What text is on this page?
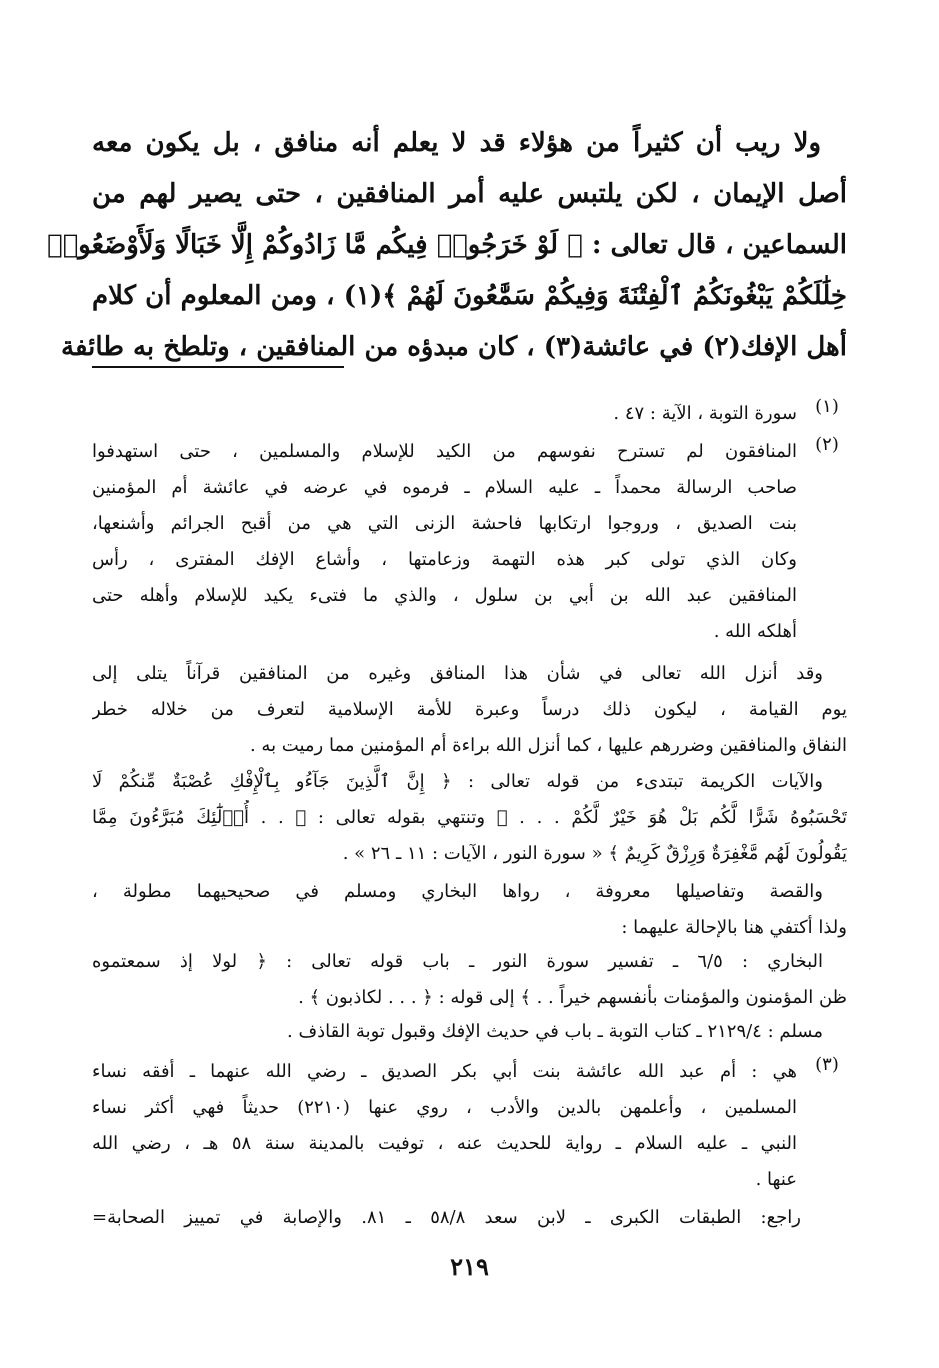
ولا ريب أن كثيراً من هؤلاء قد لا يعلم أنه منافق ، بل يكون معه
أصل الإيمان ، لكن يلتبس عليه أمر المنافقين ، حتى يصير لهم من
السماعين ، قال تعالى : ﴿ لَوْ خَرَجُوا۟ فِيكُم مَّا زَادُوكُمْ إِلَّا خَبَالًا وَلَأَوْضَعُوا۟
خِلَٰلَكُمْ يَبْغُونَكُمُ ٱلْفِتْنَةَ وَفِيكُمْ سَمَّٰعُونَ لَهُمْ ﴾(١) ، ومن المعلوم أن كلام
أهل الإفك(٢) في عائشة(٣) ، كان مبدؤه من المنافقين ، وتلطخ به طائفة
(١)
سورة التوبة ، الآية : ٤٧ .
(٢)
المنافقون لم تسترح نفوسهم من الكيد للإسلام والمسلمين ، حتى استهدفوا
صاحب الرسالة محمداً ـ عليه السلام ـ فرموه في عرضه في عائشة أم المؤمنين
بنت الصديق ، وروجوا ارتكابها فاحشة الزنى التي هي من أقبح الجرائم وأشنعها،
وكان الذي تولى كبر هذه التهمة وزعامتها ، وأشاع الإفك المفترى ، رأس
المنافقين عبد الله بن أبي بن سلول ، والذي ما فتىء يكيد للإسلام وأهله حتى
أهلكه الله .
وقد أنزل الله تعالى في شأن هذا المنافق وغيره من المنافقين قرآناً يتلى إلى
يوم القيامة ، ليكون ذلك درساً وعبرة للأمة الإسلامية لتعرف من خلاله خطر
النفاق والمنافقين وضررهم عليها ، كما أنزل الله براءة أم المؤمنين مما رميت به .
والآيات الكريمة تبتدىء من قوله تعالى : ﴿ إِنَّ ٱلَّذِينَ جَآءُو بِٱلْإِفْكِ عُصْبَةٌ مِّنكُمْ لَا
تَحْسَبُوهُ شَرًّا لَّكُم بَلْ هُوَ خَيْرٌ لَّكُمْ . . . ﴾ وتنتهي بقوله تعالى : ﴿ . . أُو۟لَٰٓئِكَ مُبَرَّءُونَ مِمَّا
يَقُولُونَ لَهُم مَّغْفِرَةٌ وَرِزْقٌ كَرِيمٌ ﴾ « سورة النور ، الآيات : ١١ ـ ٢٦ » .
والقصة وتفاصيلها معروفة ، رواها البخاري ومسلم في صحيحيهما مطولة ،
ولذا أكتفي هنا بالإحالة عليهما :
البخاري : ٦/٥ ـ تفسير سورة النور ـ باب قوله تعالى : ﴿ لولا إذ سمعتموه
ظن المؤمنون والمؤمنات بأنفسهم خيراً . . ﴾ إلى قوله : ﴿ . . . لكاذبون ﴾ .
مسلم : ٢١٢٩/٤ ـ كتاب التوبة ـ باب في حديث الإفك وقبول توبة القاذف .
(٣)
هي : أم عبد الله عائشة بنت أبي بكر الصديق ـ رضي الله عنهما ـ أفقه نساء
المسلمين ، وأعلمهن بالدين والأدب ، روي عنها (٢٢١٠) حديثاً فهي أكثر نساء
النبي ـ عليه السلام ـ رواية للحديث عنه ، توفيت بالمدينة سنة ٥٨ هـ ، رضي الله
عنها .
راجع: الطبقات الكبرى ـ لابن سعد ٥٨/٨ ـ ٨١. والإصابة في تمييز الصحابة=
٢١٩
